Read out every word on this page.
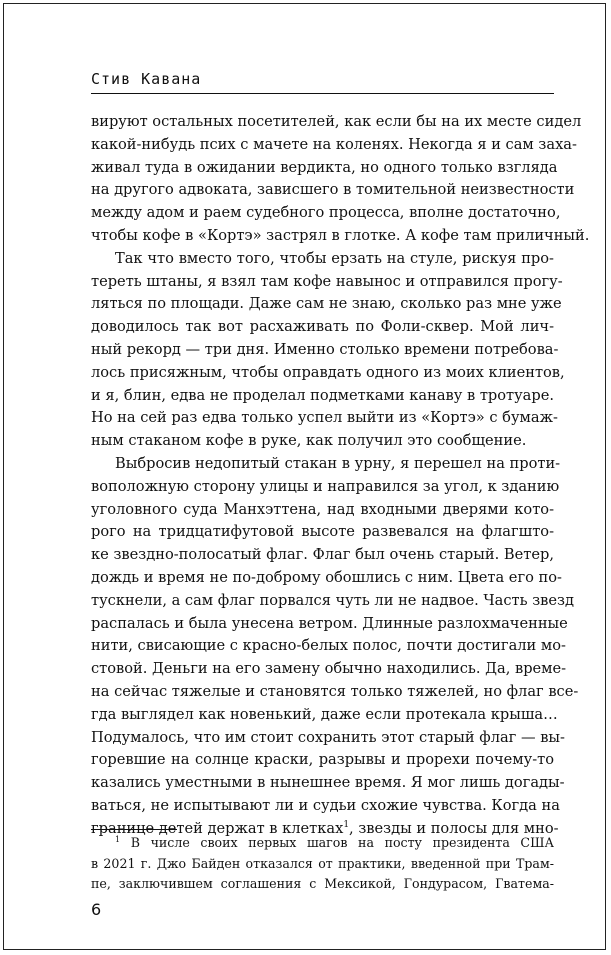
Стив Кавана
вируют остальных посетителей, как если бы на их месте сидел
какой-нибудь псих с мачете на коленях. Некогда я и сам заха-
живал туда в ожидании вердикта, но одного только взгляда
на другого адвоката, зависшего в томительной неизвестности
между адом и раем судебного процесса, вполне достаточно,
чтобы кофе в «Кортэ» застрял в глотке. А кофе там приличный.
Так что вместо того, чтобы ерзать на стуле, рискуя про-
тереть штаны, я взял там кофе навынос и отправился прогу-
ляться по площади. Даже сам не знаю, сколько раз мне уже
доводилось так вот расхаживать по Фоли-сквер. Мой лич-
ный рекорд — три дня. Именно столько времени потребова-
лось присяжным, чтобы оправдать одного из моих клиентов,
и я, блин, едва не проделал подметками канаву в тротуаре.
Но на сей раз едва только успел выйти из «Кортэ» с бумаж-
ным стаканом кофе в руке, как получил это сообщение.
Выбросив недопитый стакан в урну, я перешел на проти-
воположную сторону улицы и направился за угол, к зданию
уголовного суда Манхэттена, над входными дверями кото-
рого на тридцатифутовой высоте развевался на флагшто-
ке звездно-полосатый флаг. Флаг был очень старый. Ветер,
дождь и время не по-доброму обошлись с ним. Цвета его по-
тускнели, а сам флаг порвался чуть ли не надвое. Часть звезд
распалась и была унесена ветром. Длинные разлохмаченные
нити, свисающие с красно-белых полос, почти достигали мо-
стовой. Деньги на его замену обычно находились. Да, време-
на сейчас тяжелые и становятся только тяжелей, но флаг все-
гда выглядел как новенький, даже если протекала крыша…
Подумалось, что им стоит сохранить этот старый флаг — вы-
горевшие на солнце краски, разрывы и прорехи почему-то
казались уместными в нынешнее время. Я мог лишь догады-
ваться, не испытывают ли и судьи схожие чувства. Когда на
границе детей держат в клетках$^1$, звезды и полосы для мно-
$^1$ В числе своих первых шагов на посту президента США
в 2021 г. Джо Байден отказался от практики, введенной при Трам-
пе, заключившем соглашения с Мексикой, Гондурасом, Гватема-
6
